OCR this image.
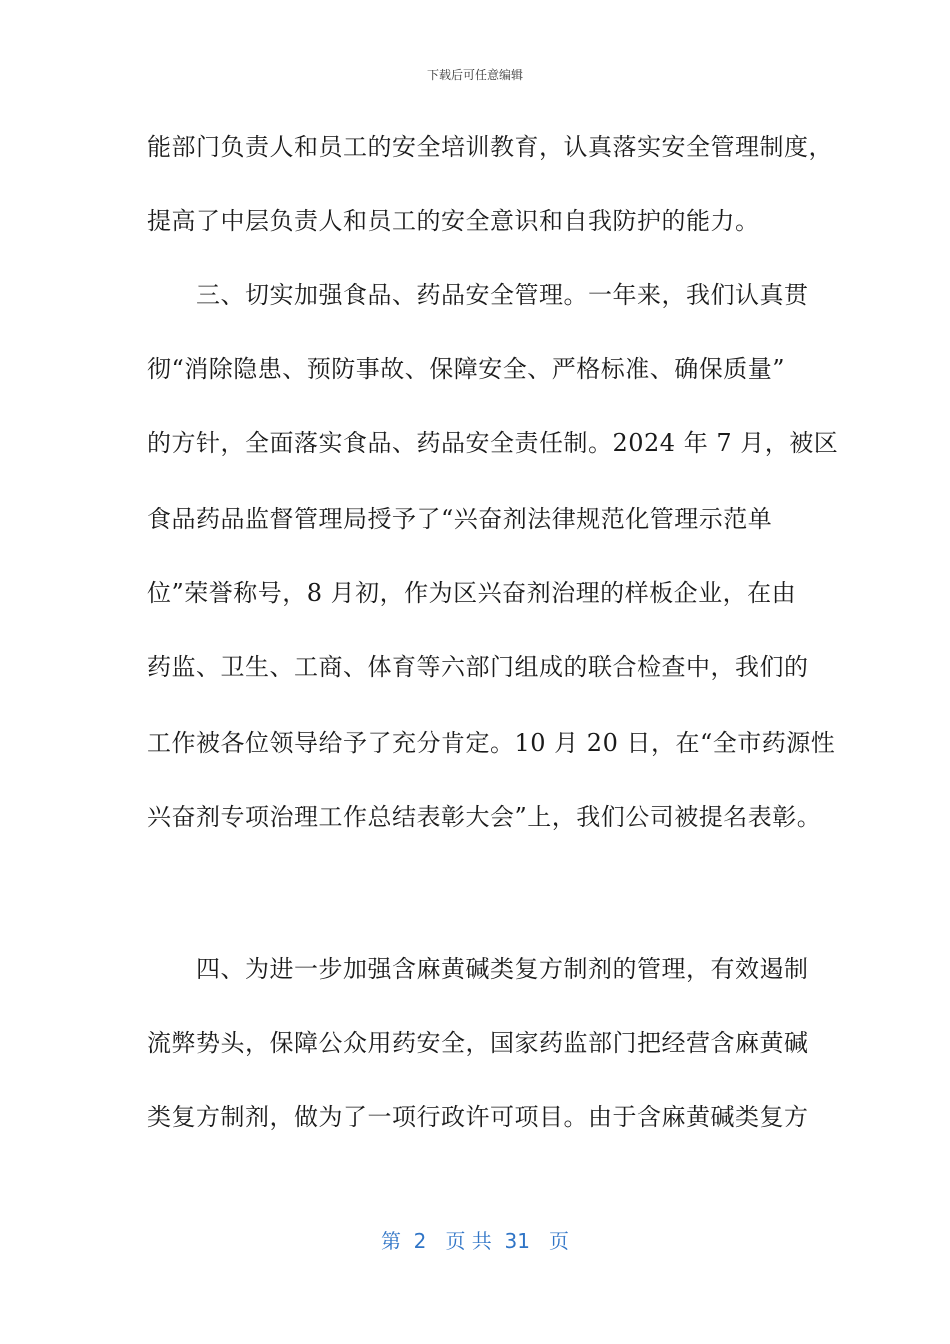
下载后可任意编辑
能部门负责人和员工的安全培训教育，认真落实安全管理制度，
提高了中层负责人和员工的安全意识和自我防护的能力。
　　三、切实加强食品、药品安全管理。一年来，我们认真贯
彻“消除隐患、预防事故、保障安全、严格标准、确保质量”
的方针，全面落实食品、药品安全责任制。2024 年 7 月，被区
食品药品监督管理局授予了“兴奋剂法律规范化管理示范单
位”荣誉称号，8 月初，作为区兴奋剂治理的样板企业，在由
药监、卫生、工商、体育等六部门组成的联合检查中，我们的
工作被各位领导给予了充分肯定。10 月 20 日，在“全市药源性
兴奋剂专项治理工作总结表彰大会”上，我们公司被提名表彰。
　　四、为进一步加强含麻黄碱类复方制剂的管理，有效遏制
流弊势头，保障公众用药安全，国家药监部门把经营含麻黄碱
类复方制剂，做为了一项行政许可项目。由于含麻黄碱类复方
第  2   页 共  31   页
